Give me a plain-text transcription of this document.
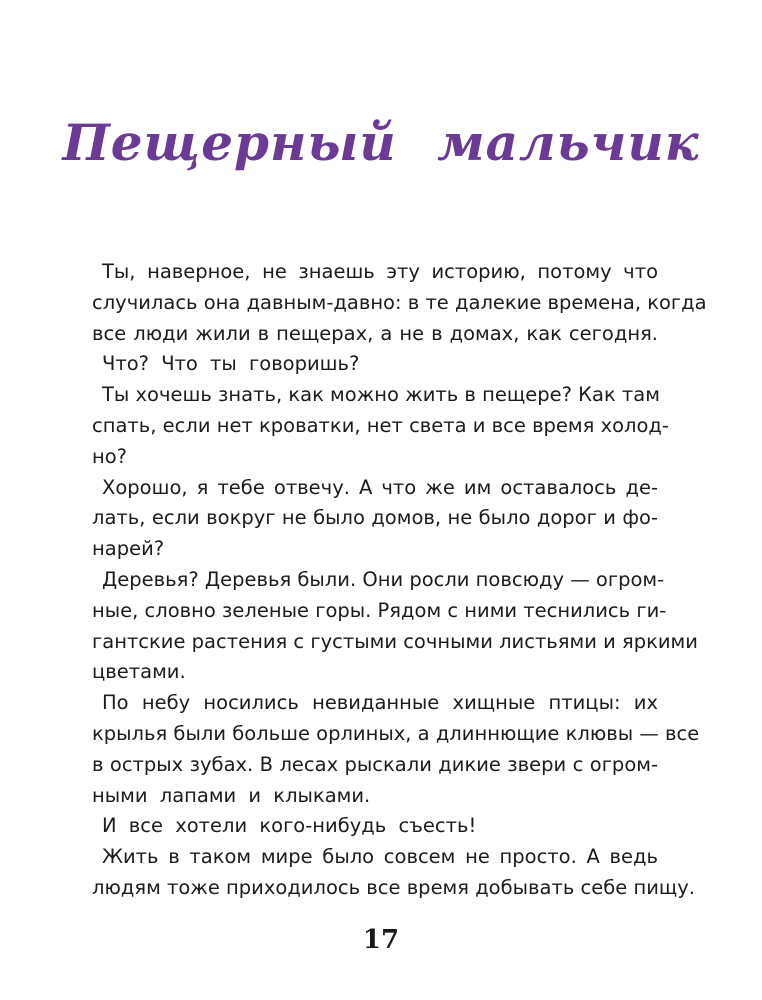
Пещерный мальчик
Ты, наверное, не знаешь эту историю, потому что
случилась она давным-давно: в те далекие времена, когда
все люди жили в пещерах, а не в домах, как сегодня.
Что? Что ты говоришь?
Ты хочешь знать, как можно жить в пещере? Как там
спать, если нет кроватки, нет света и все время холод-
но?
Хорошо, я тебе отвечу. А что же им оставалось де-
лать, если вокруг не было домов, не было дорог и фо-
нарей?
Деревья? Деревья были. Они росли повсюду — огром-
ные, словно зеленые горы. Рядом с ними теснились ги-
гантские растения с густыми сочными листьями и яркими
цветами.
По небу носились невиданные хищные птицы: их
крылья были больше орлиных, а длиннющие клювы — все
в острых зубах. В лесах рыскали дикие звери с огром-
ными лапами и клыками.
И все хотели кого-нибудь съесть!
Жить в таком мире было совсем не просто. А ведь
людям тоже приходилось все время добывать себе пищу.
17
